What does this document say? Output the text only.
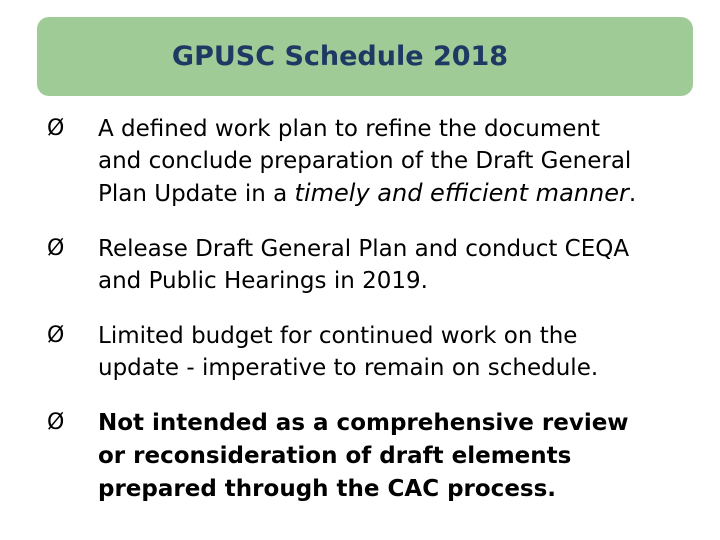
GPUSC Schedule 2018
Ø A defined work plan to refine the document
and conclude preparation of the Draft General
Plan Update in a timely and efficient manner.
Ø Release Draft General Plan and conduct CEQA
and Public Hearings in 2019.
Ø Limited budget for continued work on the
update - imperative to remain on schedule.
Ø Not intended as a comprehensive review
or reconsideration of draft elements
prepared through the CAC process.
